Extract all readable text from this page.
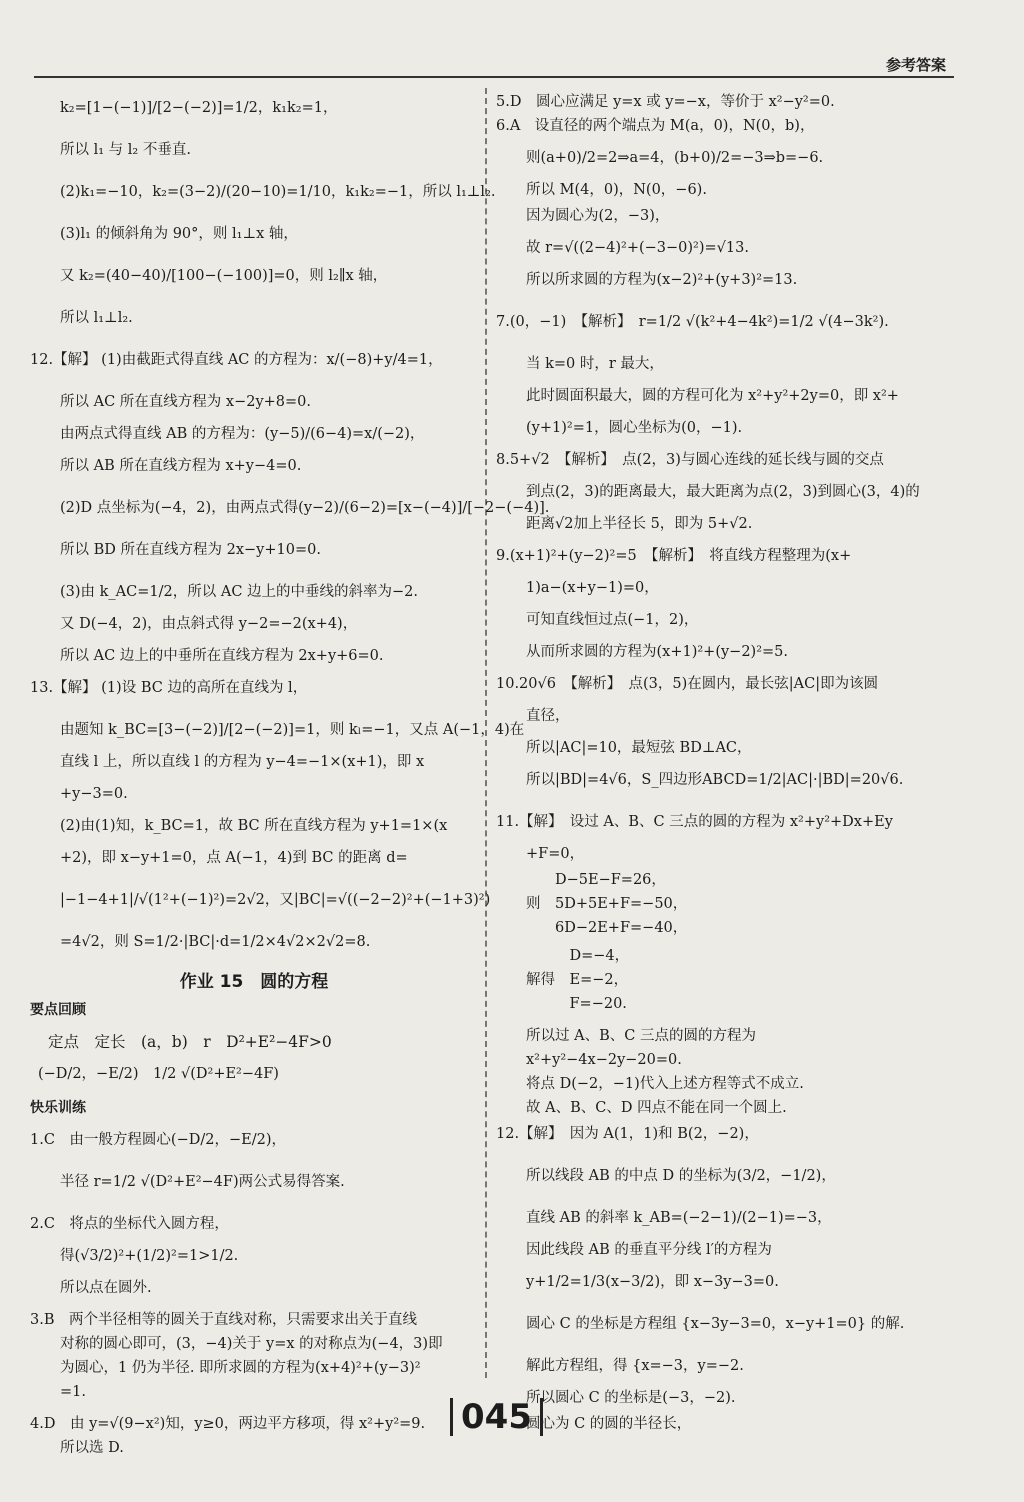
参考答案
k₂=[1−(−1)]/[2−(−2)]=1/2，k₁k₂=1，
所以 l₁ 与 l₂ 不垂直.
(2)k₁=−10，k₂=(3−2)/(20−10)=1/10，k₁k₂=−1，所以 l₁⊥l₂.
(3)l₁ 的倾斜角为 90°，则 l₁⊥x 轴，
又 k₂=(40−40)/[100−(−100)]=0，则 l₂∥x 轴，
所以 l₁⊥l₂.
12.【解】 (1)由截距式得直线 AC 的方程为：x/(−8)+y/4=1，
所以 AC 所在直线方程为 x−2y+8=0.
由两点式得直线 AB 的方程为：(y−5)/(6−4)=x/(−2)，
所以 AB 所在直线方程为 x+y−4=0.
(2)D 点坐标为(−4，2)，由两点式得(y−2)/(6−2)=[x−(−4)]/[−2−(−4)].
所以 BD 所在直线方程为 2x−y+10=0.
(3)由 k_AC=1/2，所以 AC 边上的中垂线的斜率为−2.
又 D(−4，2)，由点斜式得 y−2=−2(x+4)，
所以 AC 边上的中垂所在直线方程为 2x+y+6=0.
13.【解】 (1)设 BC 边的高所在直线为 l，
由题知 k_BC=[3−(−2)]/[2−(−2)]=1，则 kₗ=−1，又点 A(−1，4)在
直线 l 上，所以直线 l 的方程为 y−4=−1×(x+1)，即 x
+y−3=0.
(2)由(1)知，k_BC=1，故 BC 所在直线方程为 y+1=1×(x
+2)，即 x−y+1=0，点 A(−1，4)到 BC 的距离 d=
|−1−4+1|/√(1²+(−1)²)=2√2，又|BC|=√((−2−2)²+(−1+3)²)
=4√2，则 S=1/2·|BC|·d=1/2×4√2×2√2=8.
作业 15　圆的方程
要点回顾
定点　定长　(a，b)　r　D²+E²−4F>0
(−D/2，−E/2)　1/2 √(D²+E²−4F)
快乐训练
1.C　由一般方程圆心(−D/2，−E/2)，
半径 r=1/2 √(D²+E²−4F)两公式易得答案.
2.C　将点的坐标代入圆方程，
得(√3/2)²+(1/2)²=1>1/2.
所以点在圆外.
3.B　两个半径相等的圆关于直线对称，只需要求出关于直线
对称的圆心即可，(3，−4)关于 y=x 的对称点为(−4，3)即
为圆心，1 仍为半径. 即所求圆的方程为(x+4)²+(y−3)²
=1.
4.D　由 y=√(9−x²)知，y≥0，两边平方移项，得 x²+y²=9.
所以选 D.
5.D　圆心应满足 y=x 或 y=−x，等价于 x²−y²=0.
6.A　设直径的两个端点为 M(a，0)，N(0，b)，
则(a+0)/2=2⇒a=4，(b+0)/2=−3⇒b=−6.
所以 M(4，0)，N(0，−6).
因为圆心为(2，−3)，
故 r=√((2−4)²+(−3−0)²)=√13.
所以所求圆的方程为(x−2)²+(y+3)²=13.
7.(0，−1)　【解析】　r=1/2 √(k²+4−4k²)=1/2 √(4−3k²).
当 k=0 时，r 最大，
此时圆面积最大，圆的方程可化为 x²+y²+2y=0，即 x²+
(y+1)²=1，圆心坐标为(0，−1).
8.5+√2　【解析】　点(2，3)与圆心连线的延长线与圆的交点
到点(2，3)的距离最大，最大距离为点(2，3)到圆心(3，4)的
距离√2加上半径长 5，即为 5+√2.
9.(x+1)²+(y−2)²=5　【解析】　将直线方程整理为(x+
1)a−(x+y−1)=0，
可知直线恒过点(−1，2)，
从而所求圆的方程为(x+1)²+(y−2)²=5.
10.20√6　【解析】　点(3，5)在圆内，最长弦|AC|即为该圆
直径，
所以|AC|=10，最短弦 BD⊥AC，
所以|BD|=4√6，S_四边形ABCD=1/2|AC|·|BD|=20√6.
11.【解】　设过 A、B、C 三点的圆的方程为 x²+y²+Dx+Ey
+F=0，
　　D−5E−F=26，
则　5D+5E+F=−50，
　　6D−2E+F=−40，
　　　D=−4，
解得　E=−2，
　　　F=−20.
所以过 A、B、C 三点的圆的方程为
x²+y²−4x−2y−20=0.
将点 D(−2，−1)代入上述方程等式不成立.
故 A、B、C、D 四点不能在同一个圆上.
12.【解】　因为 A(1，1)和 B(2，−2)，
所以线段 AB 的中点 D 的坐标为(3/2，−1/2)，
直线 AB 的斜率 k_AB=(−2−1)/(2−1)=−3，
因此线段 AB 的垂直平分线 l′的方程为
y+1/2=1/3(x−3/2)，即 x−3y−3=0.
圆心 C 的坐标是方程组 {x−3y−3=0，x−y+1=0} 的解.
解此方程组，得 {x=−3，y=−2.
所以圆心 C 的坐标是(−3，−2).
圆心为 C 的圆的半径长，
045
